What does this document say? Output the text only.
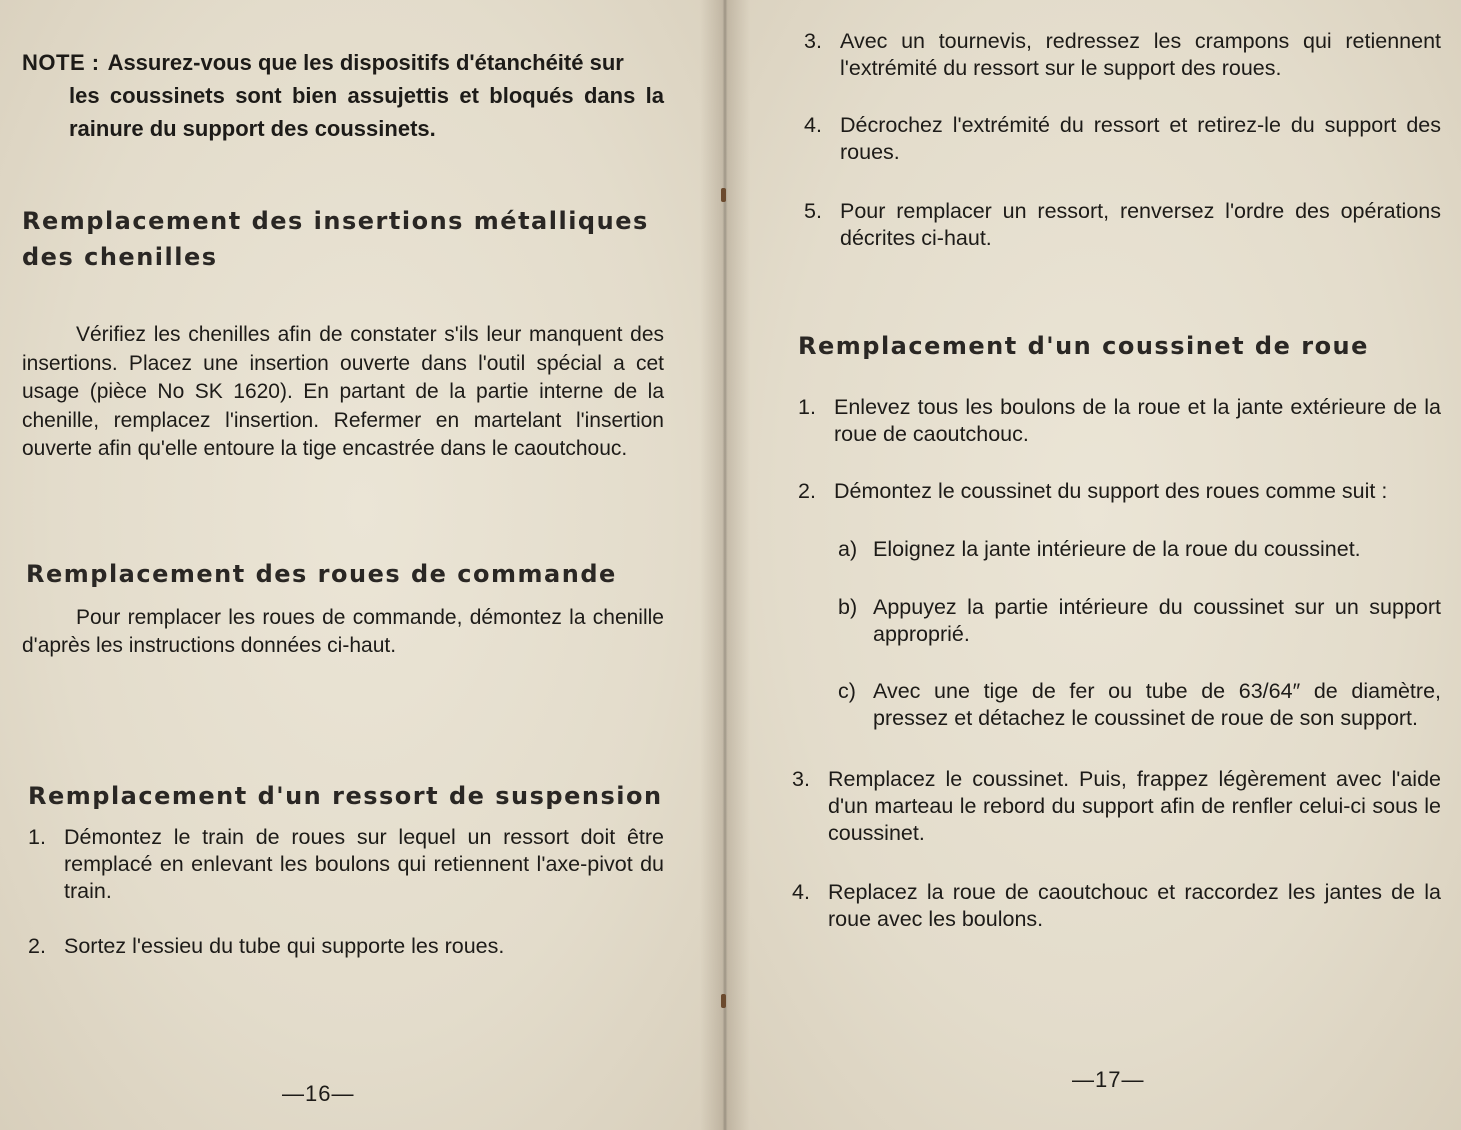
NOTE : Assurez-vous que les dispositifs d'étanchéité sur

les coussinets sont bien assujettis et bloqués dans la rainure du support des coussinets.

Remplacement des insertions métalliques
des chenilles

Vérifiez les chenilles afin de constater s'ils leur manquent des insertions. Placez une insertion ouverte dans l'outil spécial a cet usage (pièce No SK 1620). En partant de la partie interne de la chenille, remplacez l'insertion. Refermer en martelant l'insertion ouverte afin qu'elle entoure la tige encastrée dans le caoutchouc.

Remplacement des roues de commande

Pour remplacer les roues de commande, démontez la chenille d'après les instructions données ci-haut.

Remplacement d'un ressort de suspension
1. Démontez le train de roues sur lequel un ressort doit être remplacé en enlevant les boulons qui retiennent l'axe-pivot du train.
2. Sortez l'essieu du tube qui supporte les roues.
—16—
3. Avec un tournevis, redressez les crampons qui retiennent l'extrémité du ressort sur le support des roues.
4. Décrochez l'extrémité du ressort et retirez-le du support des roues.
5. Pour remplacer un ressort, renversez l'ordre des opérations décrites ci-haut.
Remplacement d'un coussinet de roue
1. Enlevez tous les boulons de la roue et la jante extérieure de la roue de caoutchouc.
2. Démontez le coussinet du support des roues comme suit :
a) Eloignez la jante intérieure de la roue du coussinet.
b) Appuyez la partie intérieure du coussinet sur un support approprié.
c) Avec une tige de fer ou tube de 63/64″ de diamètre, pressez et détachez le coussinet de roue de son support.
3. Remplacez le coussinet. Puis, frappez légèrement avec l'aide d'un marteau le rebord du support afin de renfler celui-ci sous le coussinet.
4. Replacez la roue de caoutchouc et raccordez les jantes de la roue avec les boulons.
—17—
